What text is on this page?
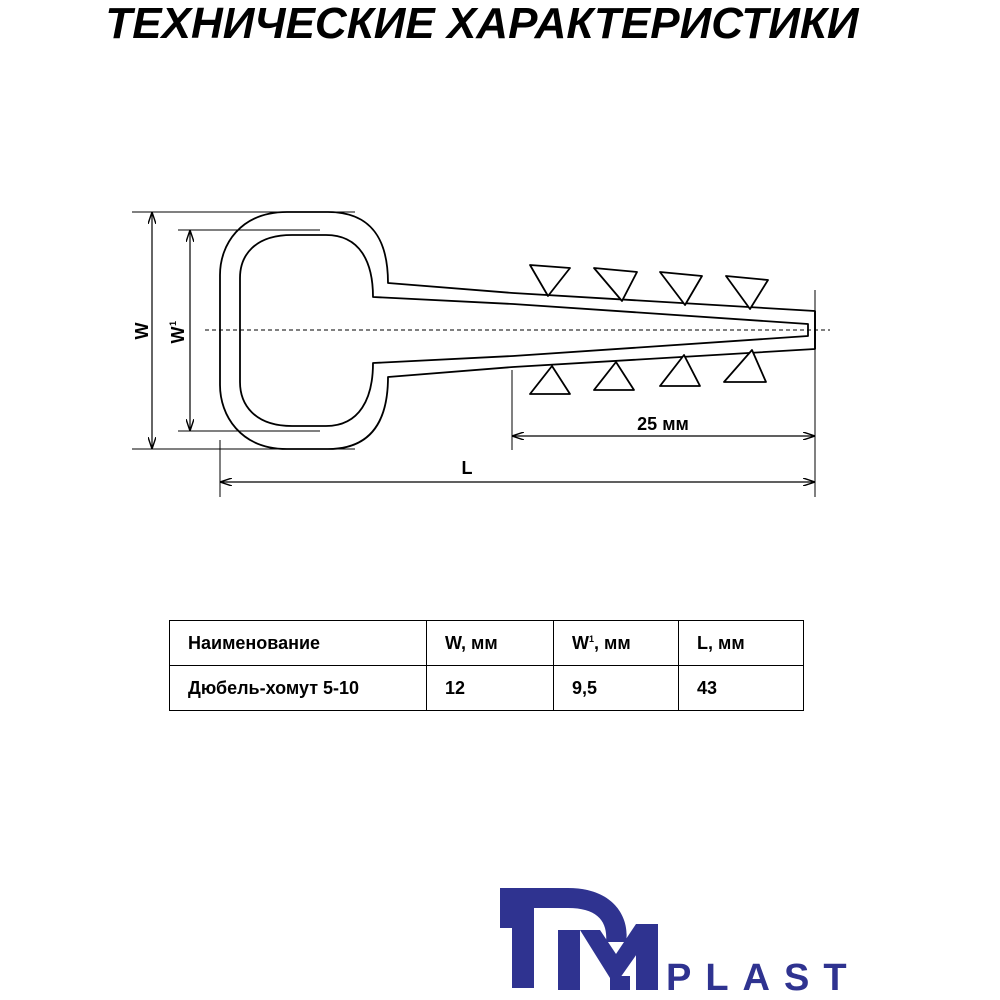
ТЕХНИЧЕСКИЕ ХАРАКТЕРИСТИКИ
W W
1
25 мм
L
Наименование	W, мм	$W^1$, мм	L, мм
Дюбель-хомут 5-10	12	9,5	43
PLAST
